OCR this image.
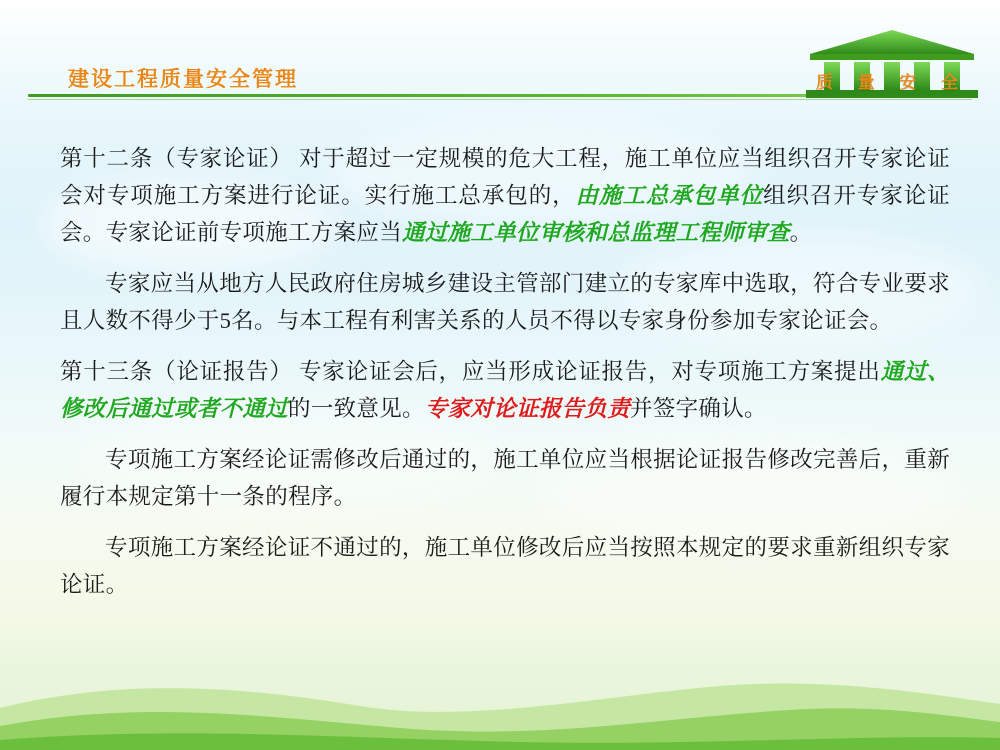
建设工程质量安全管理	质 量 安 全

第十二条（专家论证） 对于超过一定规模的危大工程，施工单位应当组织召开专家论证会对专项施工方案进行论证。实行施工总承包的，由施工总承包单位组织召开专家论证会。专家论证前专项施工方案应当通过施工单位审核和总监理工程师审查。

专家应当从地方人民政府住房城乡建设主管部门建立的专家库中选取，符合专业要求且人数不得少于5名。与本工程有利害关系的人员不得以专家身份参加专家论证会。

第十三条（论证报告） 专家论证会后，应当形成论证报告，对专项施工方案提出通过、修改后通过或者不通过的一致意见。专家对论证报告负责并签字确认。

专项施工方案经论证需修改后通过的，施工单位应当根据论证报告修改完善后，重新履行本规定第十一条的程序。

专项施工方案经论证不通过的，施工单位修改后应当按照本规定的要求重新组织专家论证。
